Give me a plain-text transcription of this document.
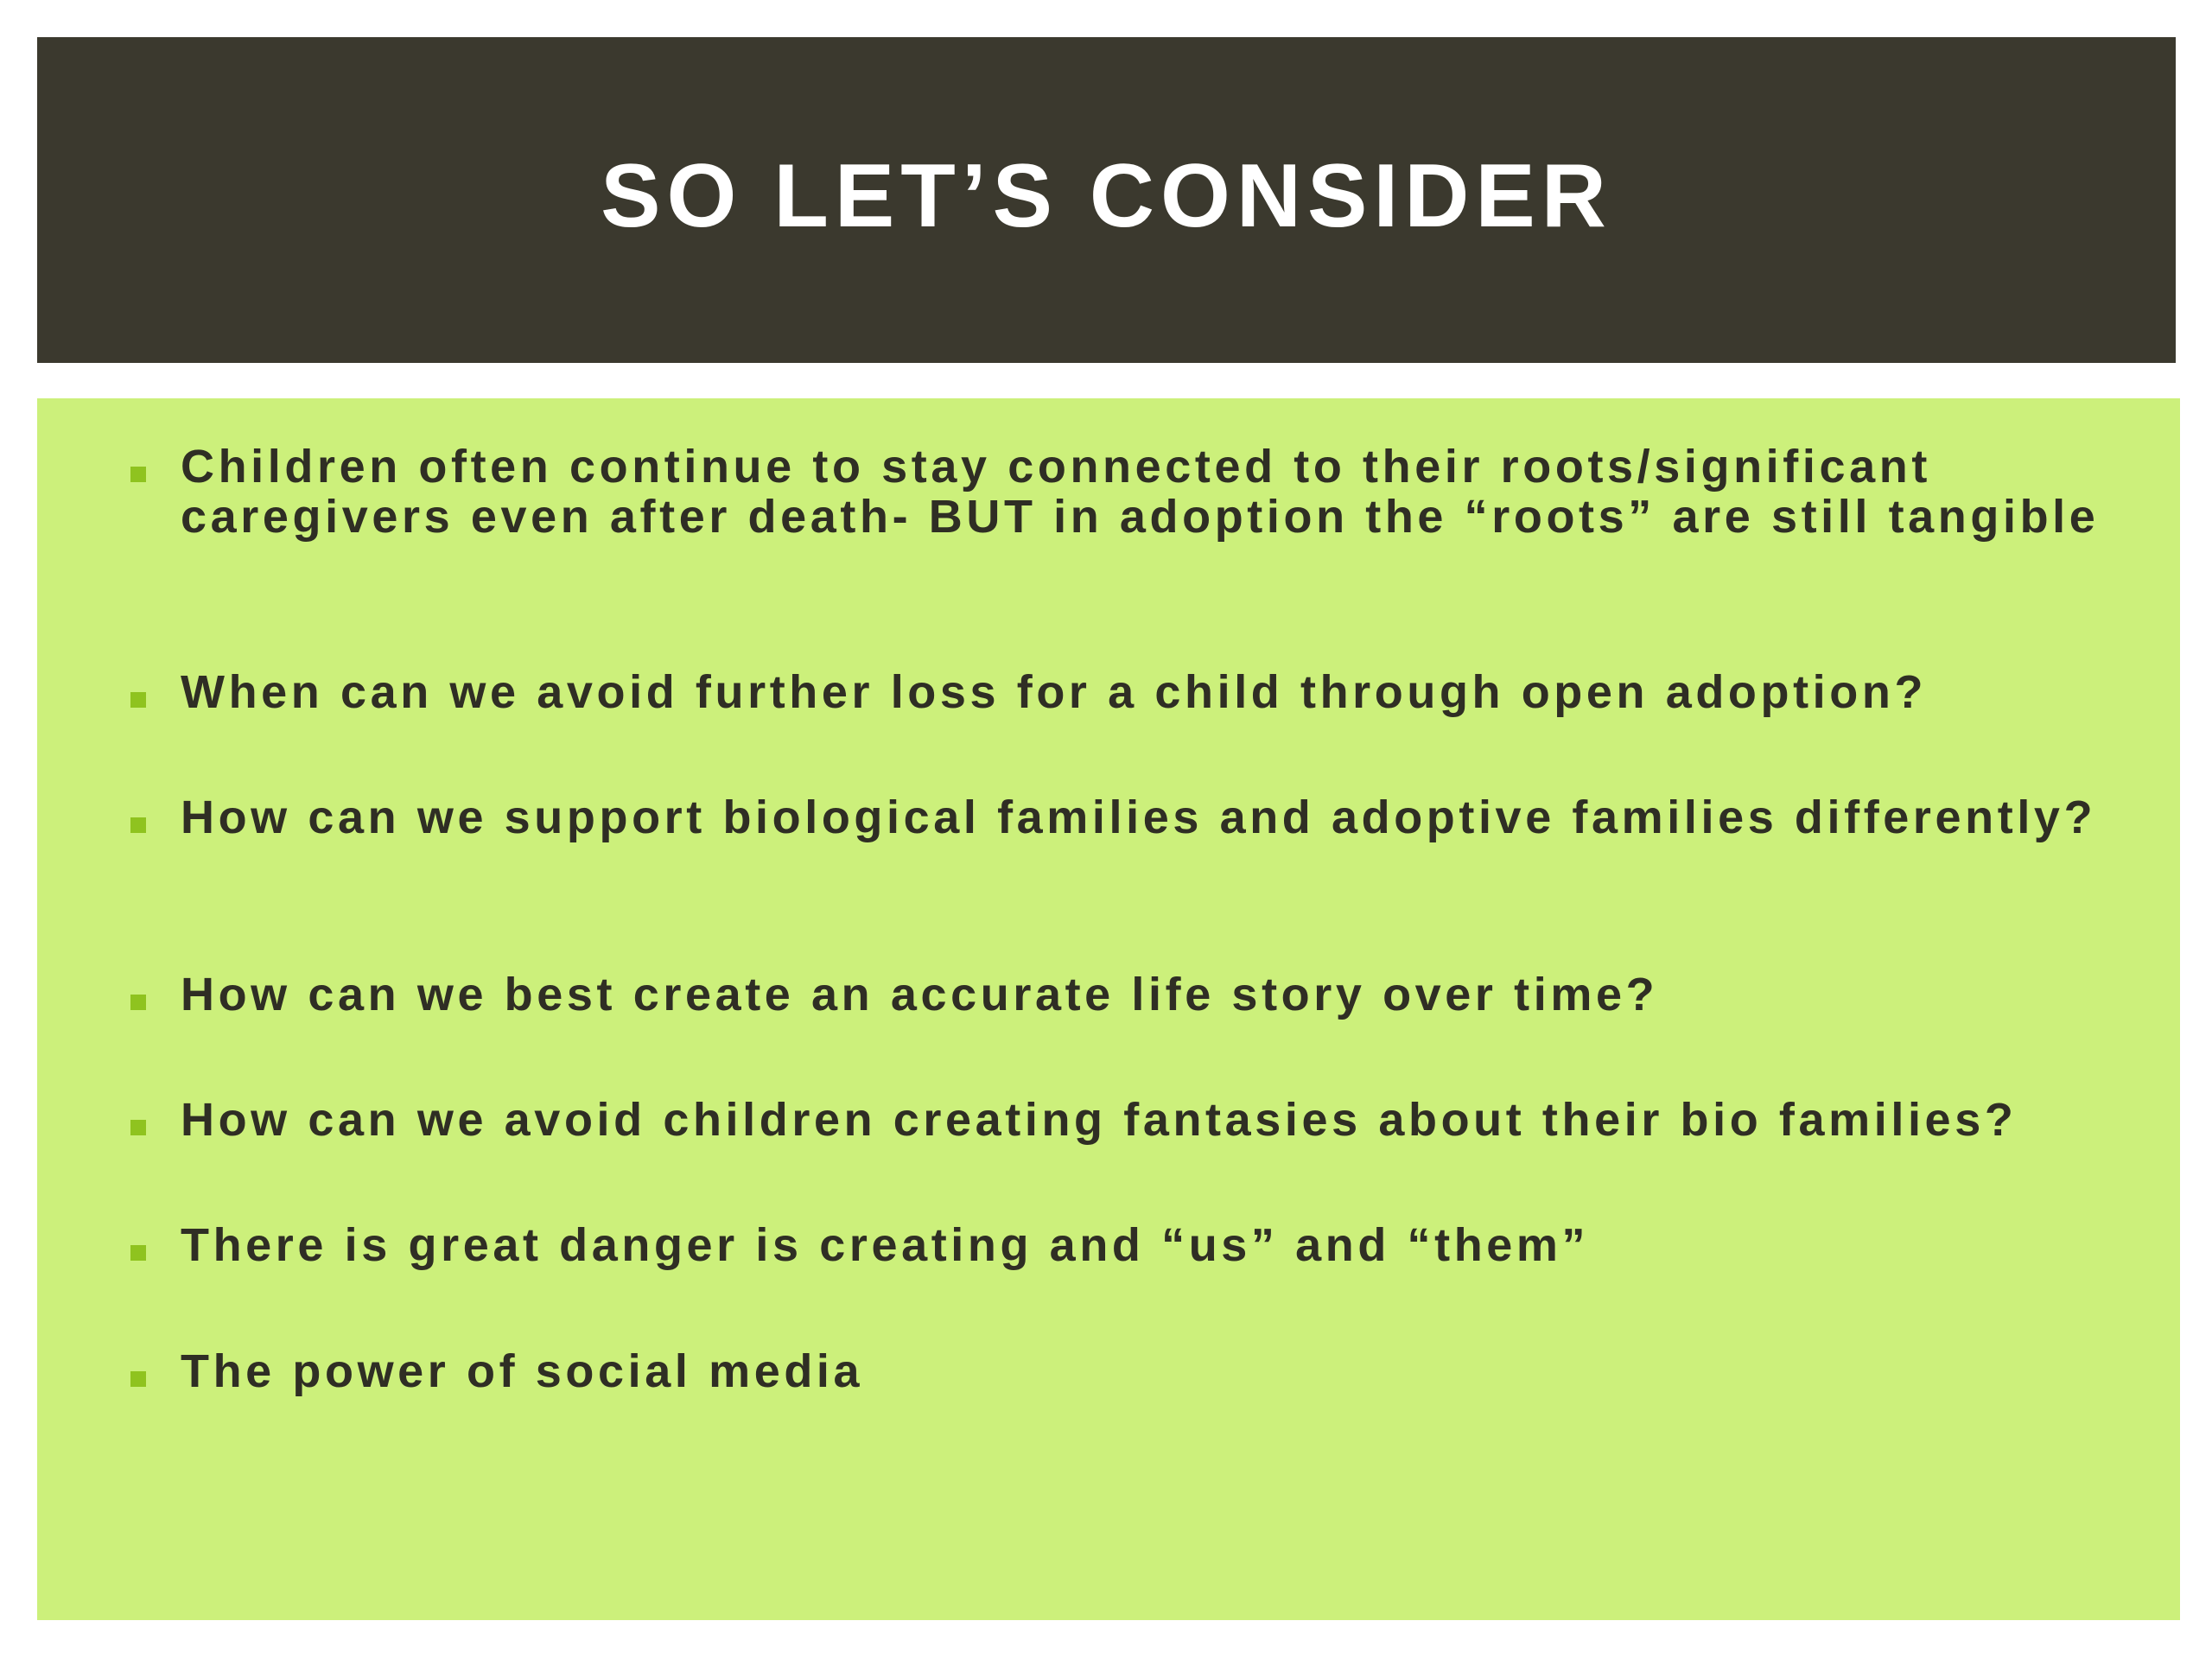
SO LET’S CONSIDER
Children often continue to stay connected to their roots/significant caregivers even after death- BUT in adoption the “roots” are still tangible
When can we avoid further loss for a child through open adoption?
How can we support biological families and adoptive families differently?
How can we best create an accurate life story over time?
How can we avoid children creating fantasies about their bio families?
There is great danger is creating and “us” and “them”
The power of social media
